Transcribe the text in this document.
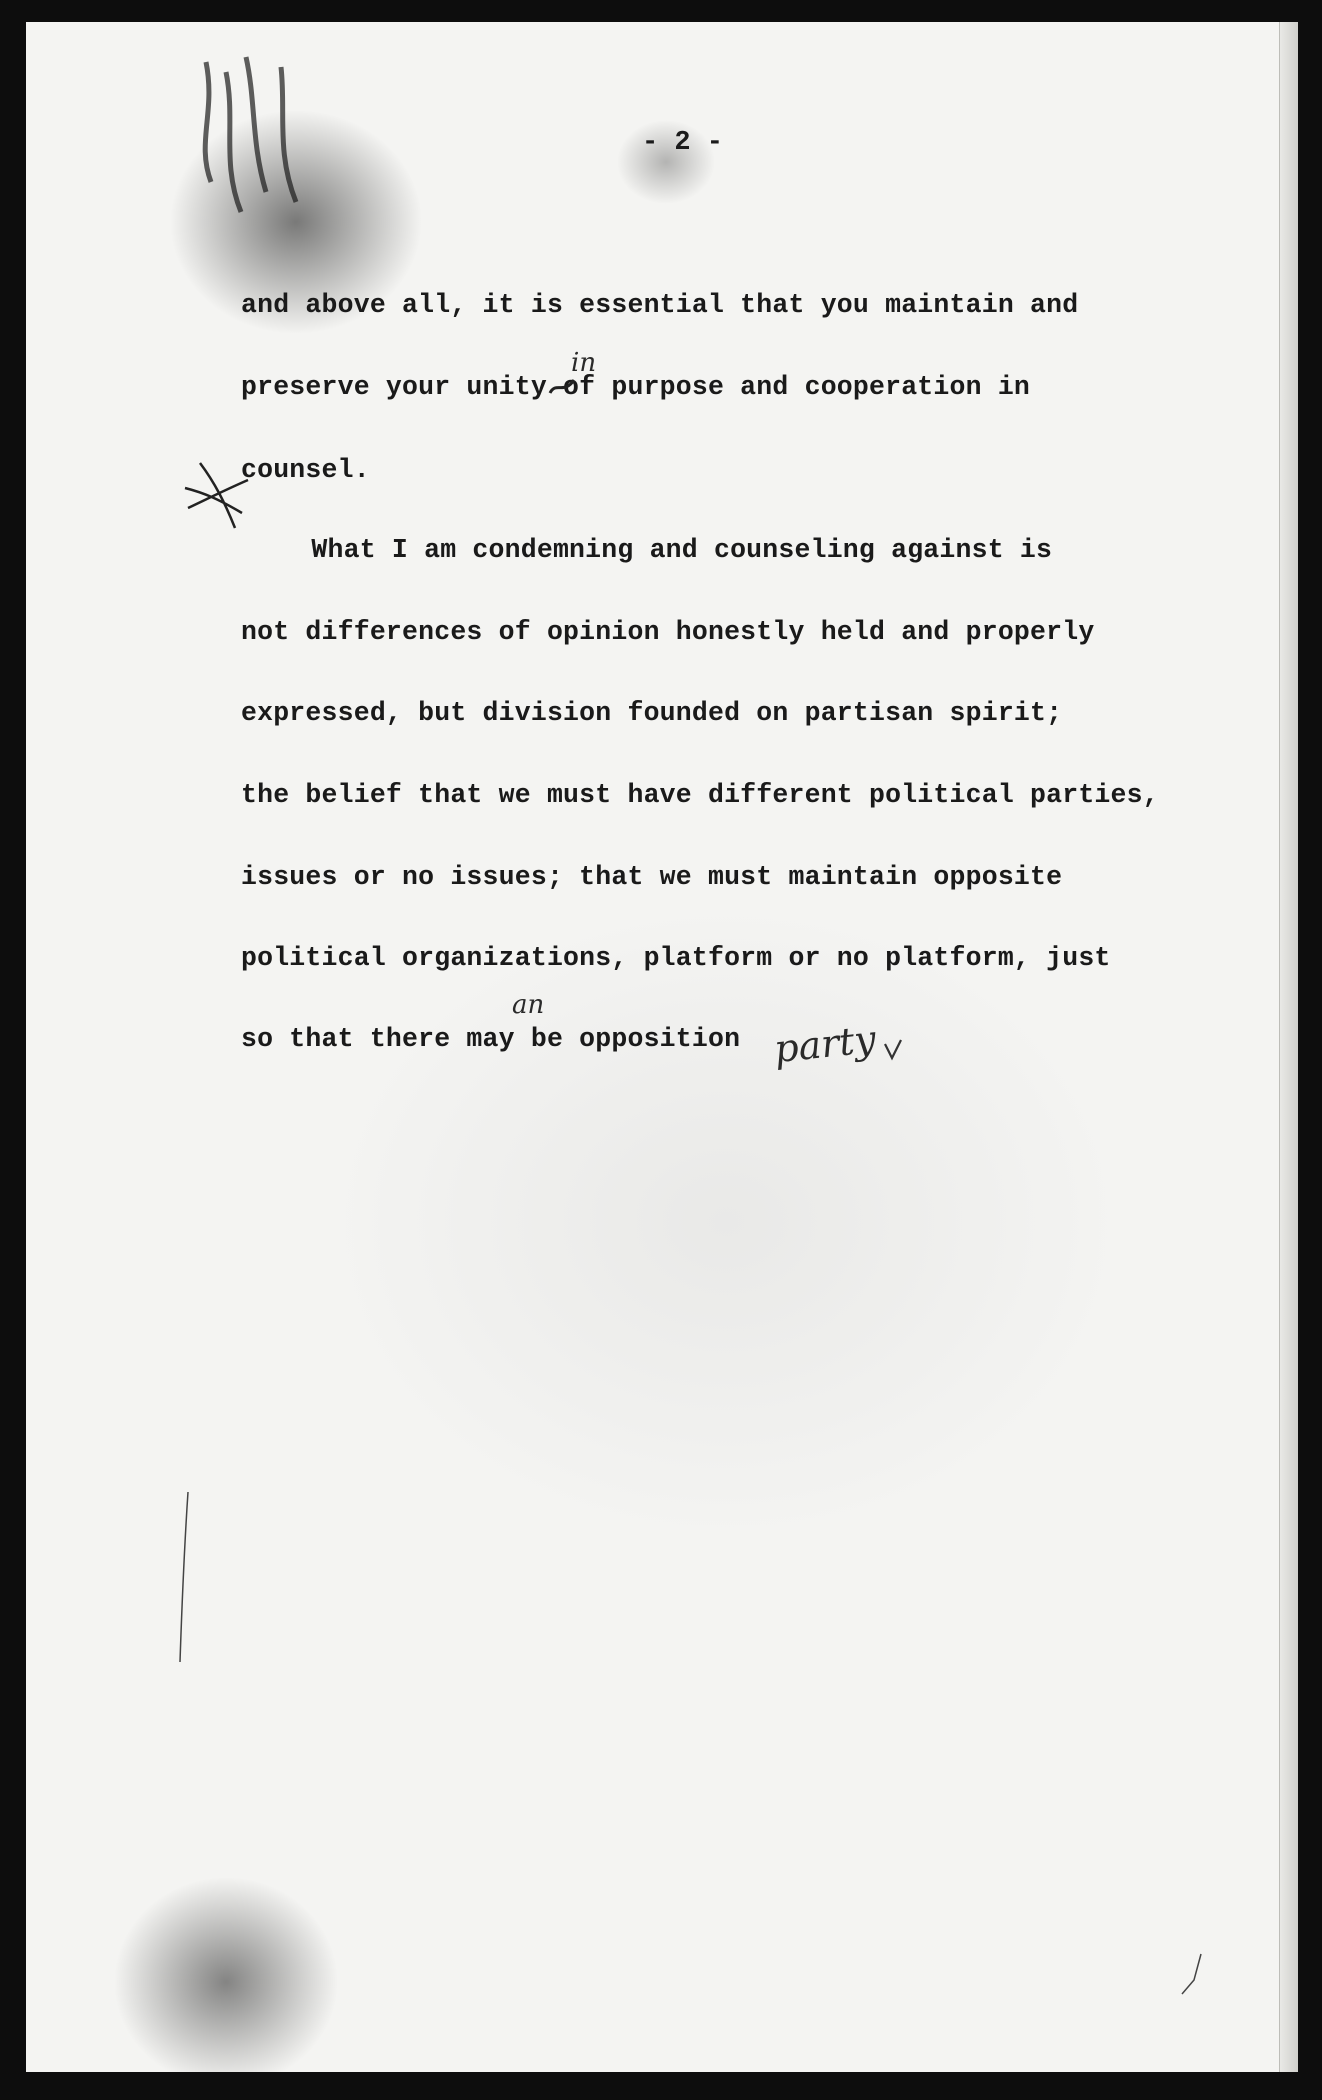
- 2 -

and above all, it is essential that you maintain and

preserve your unity of purpose and cooperation in

counsel.

What I am condemning and counseling against is

not differences of opinion honestly held and properly

expressed, but division founded on partisan spirit;

the belief that we must have different political parties,

issues or no issues; that we must maintain opposite

political organizations, platform or no platform, just

so that there may be opposition

in
an
party
